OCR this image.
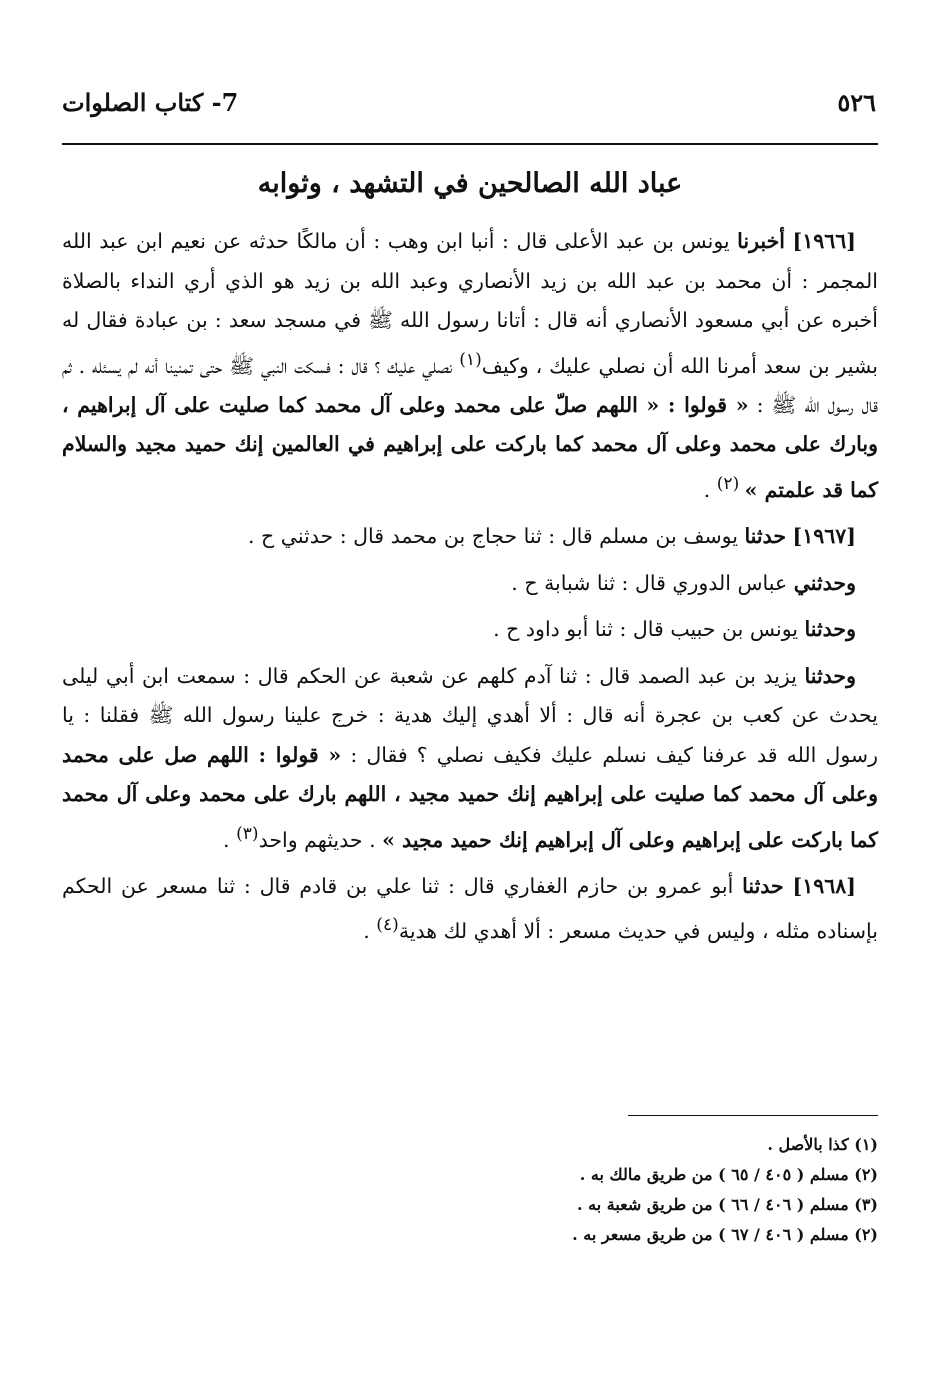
٥٢٦
7- كتاب الصلوات
عباد الله الصالحين في التشهد ، وثوابه

[١٩٦٦] أخبرنا يونس بن عبد الأعلى قال : أنبا ابن وهب : أن مالكًا حدثه عن نعيم ابن عبد الله المجمر : أن محمد بن عبد الله بن زيد الأنصاري وعبد الله بن زيد هو الذي أري النداء بالصلاة أخبره عن أبي مسعود الأنصاري أنه قال : أتانا رسول الله ﷺ في مسجد سعد : بن عبادة فقال له بشير بن سعد أمرنا الله أن نصلي عليك ، وكيف$^{(١)}$ نصلي عليك ؟ قال : فسكت النبي ﷺ حتى تمنينا أنه لم يسئله . ثم قال رسول الله ﷺ : « قولوا : « اللهم صلّ على محمد وعلى آل محمد كما صليت على آل إبراهيم ، وبارك على محمد وعلى آل محمد كما باركت على إبراهيم في العالمين إنك حميد مجيد والسلام كما قد علمتم » $^{(٢)}$ .

[١٩٦٧] حدثنا يوسف بن مسلم قال : ثنا حجاج بن محمد قال : حدثني ح .

وحدثني عباس الدوري قال : ثنا شبابة ح .

وحدثنا يونس بن حبيب قال : ثنا أبو داود ح .

وحدثنا يزيد بن عبد الصمد قال : ثنا آدم كلهم عن شعبة عن الحكم قال : سمعت ابن أبي ليلى يحدث عن كعب بن عجرة أنه قال : ألا أهدي إليك هدية : خرج علينا رسول الله ﷺ فقلنا : يا رسول الله قد عرفنا كيف نسلم عليك فكيف نصلي ؟ فقال : « قولوا : اللهم صل على محمد وعلى آل محمد كما صليت على إبراهيم إنك حميد مجيد ، اللهم بارك على محمد وعلى آل محمد كما باركت على إبراهيم وعلى آل إبراهيم إنك حميد مجيد » . حديثهم واحد$^{(٣)}$ .

[١٩٦٨] حدثنا أبو عمرو بن حازم الغفاري قال : ثنا علي بن قادم قال : ثنا مسعر عن الحكم بإسناده مثله ، وليس في حديث مسعر : ألا أهدي لك هدية$^{(٤)}$ .

(١) كذا بالأصل .
(٢) مسلم ( ٤٠٥ / ٦٥ ) من طريق مالك به .
(٣) مسلم ( ٤٠٦ / ٦٦ ) من طريق شعبة به .
(٢) مسلم ( ٤٠٦ / ٦٧ ) من طريق مسعر به .
